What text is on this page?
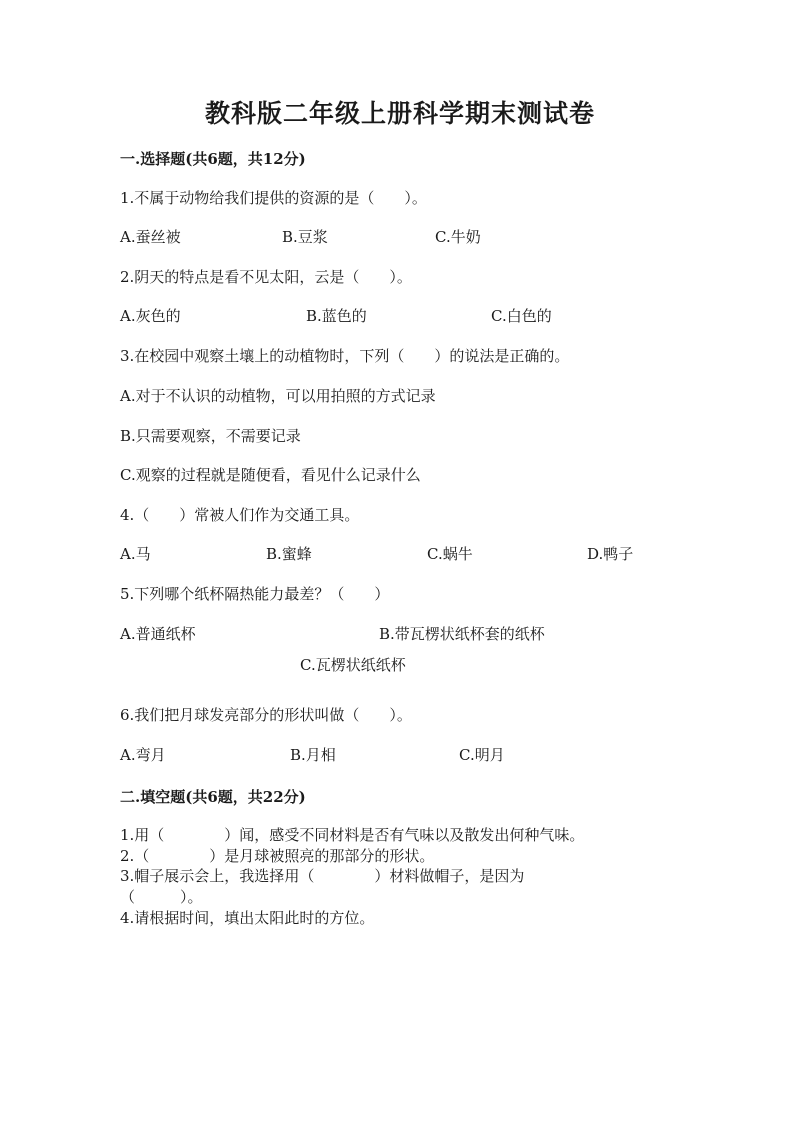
教科版二年级上册科学期末测试卷
一.选择题(共6题，共12分)
1.不属于动物给我们提供的资源的是（　　）。
A.蚕丝被	B.豆浆	C.牛奶
2.阴天的特点是看不见太阳，云是（　　）。
A.灰色的	B.蓝色的	C.白色的
3.在校园中观察土壤上的动植物时，下列（　　）的说法是正确的。
A.对于不认识的动植物，可以用拍照的方式记录
B.只需要观察，不需要记录
C.观察的过程就是随便看，看见什么记录什么
4.（　　）常被人们作为交通工具。
A.马	B.蜜蜂	C.蜗牛	D.鸭子
5.下列哪个纸杯隔热能力最差？（　　）
A.普通纸杯	B.带瓦楞状纸杯套的纸杯
C.瓦楞状纸纸杯
6.我们把月球发亮部分的形状叫做（　　）。
A.弯月	B.月相	C.明月
二.填空题(共6题，共22分)
1.用（　　　　）闻，感受不同材料是否有气味以及散发出何种气味。
2.（　　　　）是月球被照亮的那部分的形状。
3.帽子展示会上，我选择用（　　　　）材料做帽子，是因为
（　　　）。
4.请根据时间，填出太阳此时的方位。
